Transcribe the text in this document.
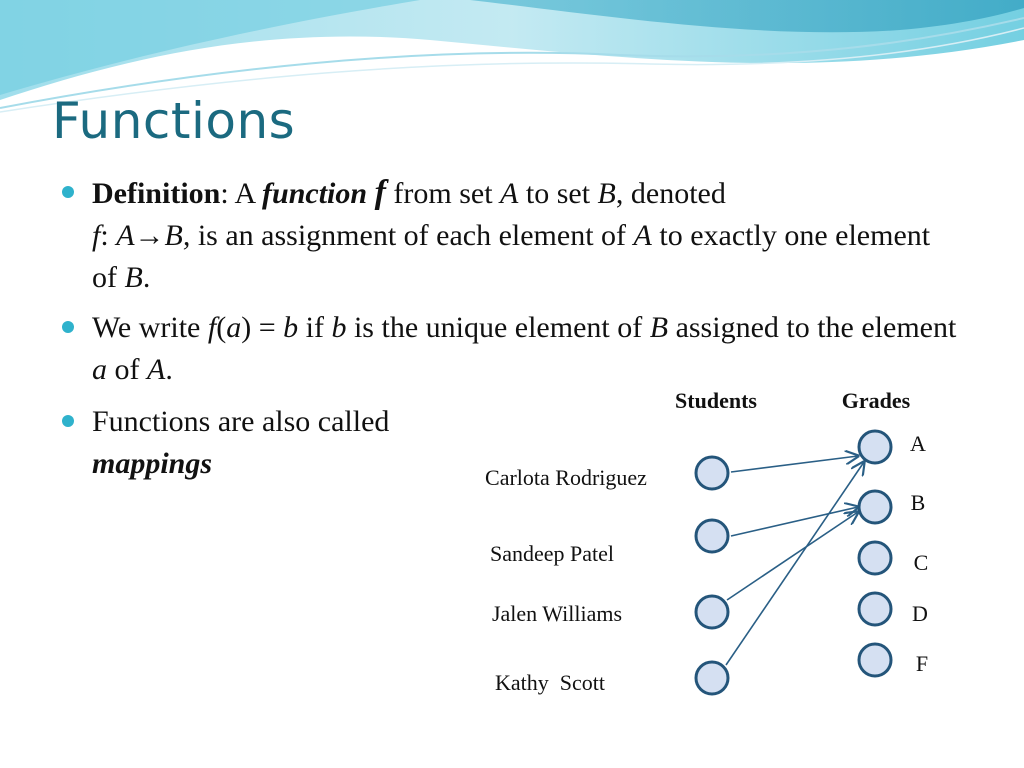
Functions
Definition: A function f from set A to set B, denoted
f: A→B, is an assignment of each element of A to exactly one element of B.
We write f(a) = b if b is the unique element of B assigned to the element a of A.
Functions are also called mappings
Students	Grades
Carlota Rodriguez
Sandeep Patel
Jalen Williams
Kathy  Scott
A
B
C
D
F
